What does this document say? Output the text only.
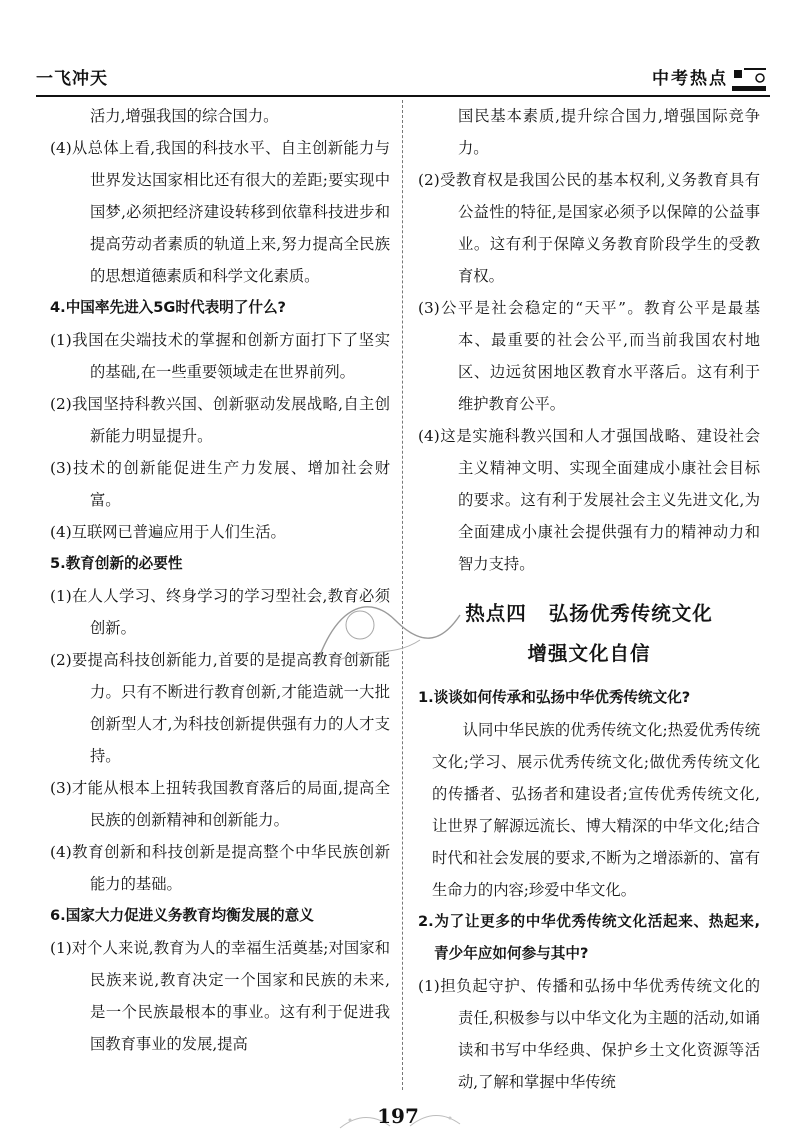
一飞冲天	中考热点
活力,增强我国的综合国力。
(4)从总体上看,我国的科技水平、自主创新能力与世界发达国家相比还有很大的差距;要实现中国梦,必须把经济建设转移到依靠科技进步和提高劳动者素质的轨道上来,努力提高全民族的思想道德素质和科学文化素质。
4.中国率先进入5G时代表明了什么?
(1)我国在尖端技术的掌握和创新方面打下了坚实的基础,在一些重要领域走在世界前列。
(2)我国坚持科教兴国、创新驱动发展战略,自主创新能力明显提升。
(3)技术的创新能促进生产力发展、增加社会财富。
(4)互联网已普遍应用于人们生活。
5.教育创新的必要性
(1)在人人学习、终身学习的学习型社会,教育必须创新。
(2)要提高科技创新能力,首要的是提高教育创新能力。只有不断进行教育创新,才能造就一大批创新型人才,为科技创新提供强有力的人才支持。
(3)才能从根本上扭转我国教育落后的局面,提高全民族的创新精神和创新能力。
(4)教育创新和科技创新是提高整个中华民族创新能力的基础。
6.国家大力促进义务教育均衡发展的意义
(1)对个人来说,教育为人的幸福生活奠基;对国家和民族来说,教育决定一个国家和民族的未来,是一个民族最根本的事业。这有利于促进我国教育事业的发展,提高
国民基本素质,提升综合国力,增强国际竞争力。
(2)受教育权是我国公民的基本权利,义务教育具有公益性的特征,是国家必须予以保障的公益事业。这有利于保障义务教育阶段学生的受教育权。
(3)公平是社会稳定的“天平”。教育公平是最基本、最重要的社会公平,而当前我国农村地区、边远贫困地区教育水平落后。这有利于维护教育公平。
(4)这是实施科教兴国和人才强国战略、建设社会主义精神文明、实现全面建成小康社会目标的要求。这有利于发展社会主义先进文化,为全面建成小康社会提供强有力的精神动力和智力支持。
热点四 弘扬优秀传统文化
增强文化自信
1.谈谈如何传承和弘扬中华优秀传统文化?
认同中华民族的优秀传统文化;热爱优秀传统文化;学习、展示优秀传统文化;做优秀传统文化的传播者、弘扬者和建设者;宣传优秀传统文化,让世界了解源远流长、博大精深的中华文化;结合时代和社会发展的要求,不断为之增添新的、富有生命力的内容;珍爱中华文化。
2.为了让更多的中华优秀传统文化活起来、热起来,青少年应如何参与其中?
(1)担负起守护、传播和弘扬中华优秀传统文化的责任,积极参与以中华文化为主题的活动,如诵读和书写中华经典、保护乡土文化资源等活动,了解和掌握中华传统
197
